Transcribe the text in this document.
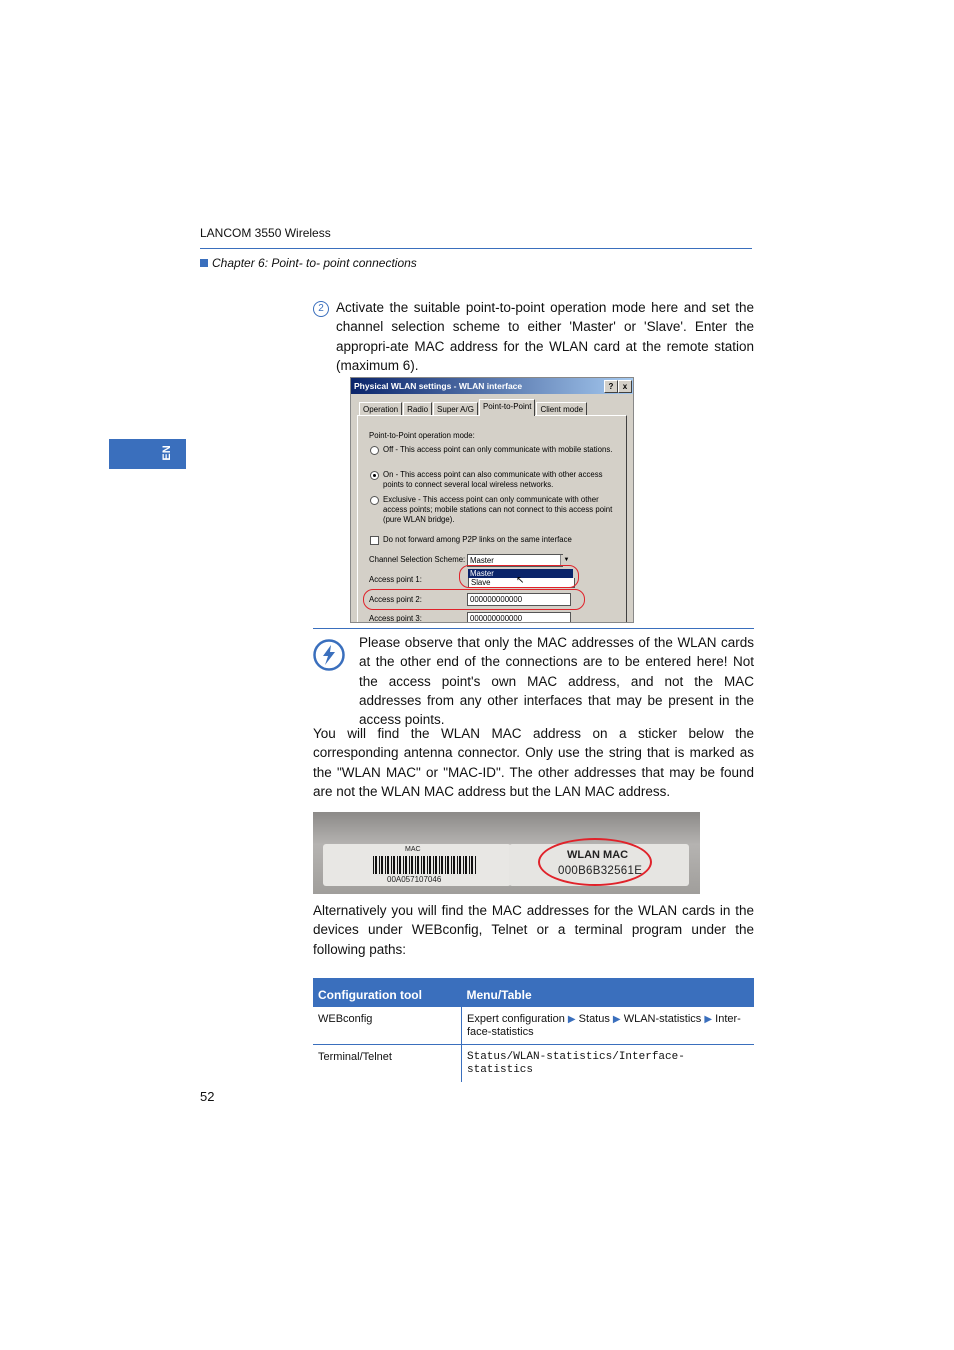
LANCOM 3550 Wireless
Chapter 6: Point- to- point connections
EN
2 Activate the suitable point-to-point operation mode here and set the channel selection scheme to either 'Master' or 'Slave'. Enter the appropri-ate MAC address for the WLAN card at the remote station (maximum 6).
Physical WLAN settings - WLAN interface	?	x
Operation	Radio	Super A/G	Point-to-Point	Client mode
Point-to-Point operation mode:
Off - This access point can only communicate with mobile stations.
On - This access point can also communicate with other access points to connect several local wireless networks.
Exclusive - This access point can only communicate with other access points; mobile stations can not connect to this access point (pure WLAN bridge).
Do not forward among P2P links on the same interface
Channel Selection Scheme: Master	▼
Master
Slave	↖
Access point 1:
Access point 2:	000000000000
Access point 3:	000000000000
Please observe that only the MAC addresses of the WLAN cards at the other end of the connections are to be entered here! Not the access point's own MAC address, and not the MAC addresses from any other interfaces that may be present in the access points.
You will find the WLAN MAC address on a sticker below the corresponding antenna connector. Only use the string that is marked as the "WLAN MAC" or "MAC-ID". The other addresses that may be found are not the WLAN MAC address but the LAN MAC address.
MAC
00A057107046
WLAN MAC
000B6B32561E
Alternatively you will find the MAC addresses for the WLAN cards in the devices under WEBconfig, Telnet or a terminal program under the following paths:
Configuration tool	Menu/Table
WEBconfig	Expert configuration ▶ Status ▶ WLAN-statistics ▶ Inter-face-statistics
Terminal/Telnet	Status/WLAN-statistics/Interface-statistics
52
